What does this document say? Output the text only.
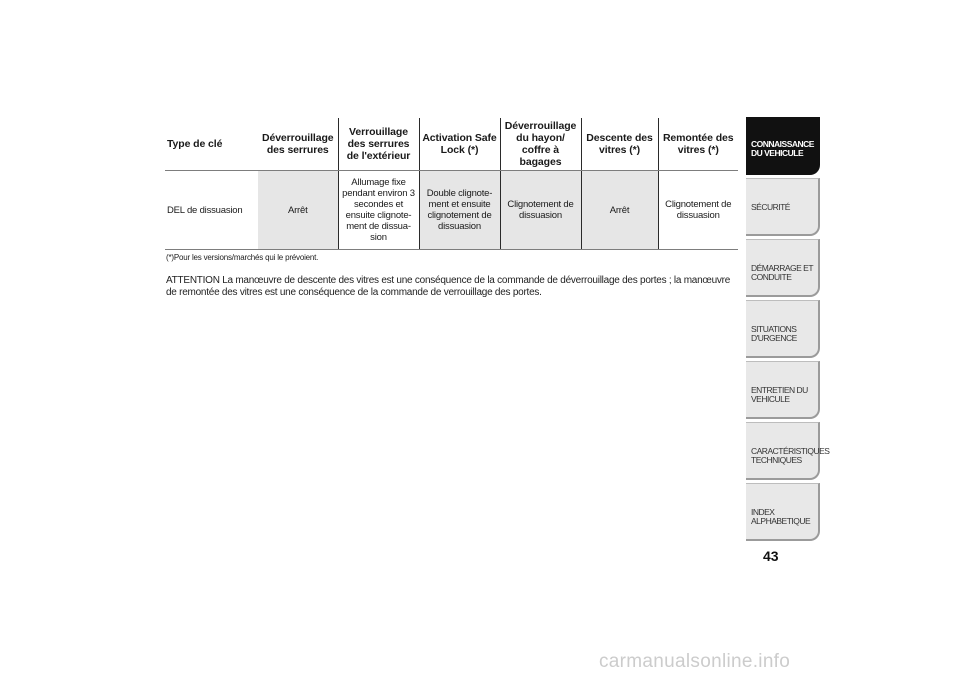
Type de clé	Déverrouillage des serrures	Verrouillage des serrures de l'extérieur	Activation Safe Lock (*)	Déverrouillage du hayon/ coffre à bagages	Descente des vitres (*)	Remontée des vitres (*)
DEL de dissuasion	Arrêt	Allumage fixe pendant environ 3 secondes et ensuite clignote-ment de dissua-sion	Double clignote-ment et ensuite clignotement de dissuasion	Clignotement de dissuasion	Arrêt	Clignotement de dissuasion
(*)Pour les versions/marchés qui le prévoient.
ATTENTION La manœuvre de descente des vitres est une conséquence de la commande de déverrouillage des portes ; la manœuvre de remontée des vitres est une conséquence de la commande de verrouillage des portes.
CONNAISSANCE DU VEHICULE
SÉCURITÉ
DÉMARRAGE ET CONDUITE
SITUATIONS D'URGENCE
ENTRETIEN DU VEHICULE
CARACTÉRISTIQUES TECHNIQUES
INDEX ALPHABETIQUE
43
carmanualsonline.info
